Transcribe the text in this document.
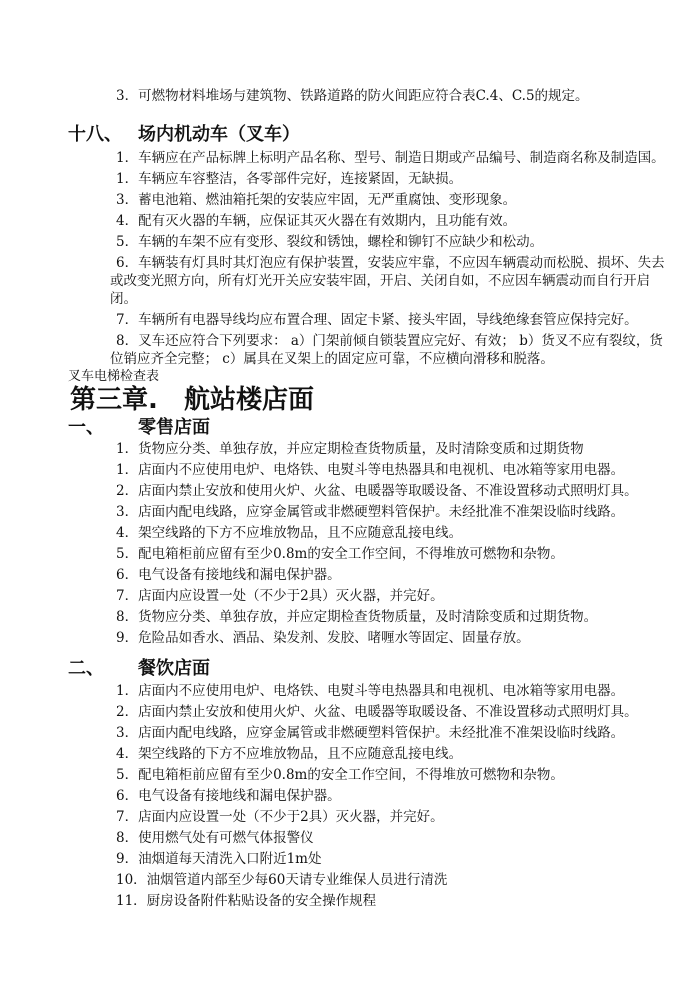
3．可燃物材料堆场与建筑物、铁路道路的防火间距应符合表C.4、C.5的规定。
十八、 场内机动车（叉车）
1．车辆应在产品标牌上标明产品名称、型号、制造日期或产品编号、制造商名称及制造国。
1．车辆应车容整洁，各零部件完好，连接紧固，无缺损。
3．蓄电池箱、燃油箱托架的安装应牢固，无严重腐蚀、变形现象。
4．配有灭火器的车辆，应保证其灭火器在有效期内，且功能有效。
5．车辆的车架不应有变形、裂纹和锈蚀，螺栓和铆钉不应缺少和松动。
6．车辆装有灯具时其灯泡应有保护装置，安装应牢靠，不应因车辆震动而松脱、损坏、失去
或改变光照方向，所有灯光开关应安装牢固，开启、关闭自如，不应因车辆震动而自行开启
闭。
7．车辆所有电器导线均应布置合理、固定卡紧、接头牢固，导线绝缘套管应保持完好。
8．叉车还应符合下列要求： a）门架前倾自锁装置应完好、有效； b）货叉不应有裂纹，货
位销应齐全完整； c）属具在叉架上的固定应可靠，不应横向滑移和脱落。
叉车电梯检查表
第三章. 航站楼店面
一、 零售店面
1．货物应分类、单独存放，并应定期检查货物质量，及时清除变质和过期货物
1．店面内不应使用电炉、电烙铁、电熨斗等电热器具和电视机、电冰箱等家用电器。
2．店面内禁止安放和使用火炉、火盆、电暖器等取暖设备、不准设置移动式照明灯具。
3．店面内配电线路，应穿金属管或非燃硬塑料管保护。未经批准不准架设临时线路。
4．架空线路的下方不应堆放物品，且不应随意乱接电线。
5．配电箱柜前应留有至少0.8m的安全工作空间，不得堆放可燃物和杂物。
6．电气设备有接地线和漏电保护器。
7．店面内应设置一处（不少于2具）灭火器，并完好。
8．货物应分类、单独存放，并应定期检查货物质量，及时清除变质和过期货物。
9．危险品如香水、酒品、染发剂、发胶、啫喱水等固定、固量存放。
二、 餐饮店面
1．店面内不应使用电炉、电烙铁、电熨斗等电热器具和电视机、电冰箱等家用电器。
2．店面内禁止安放和使用火炉、火盆、电暖器等取暖设备、不准设置移动式照明灯具。
3．店面内配电线路，应穿金属管或非燃硬塑料管保护。未经批准不准架设临时线路。
4．架空线路的下方不应堆放物品，且不应随意乱接电线。
5．配电箱柜前应留有至少0.8m的安全工作空间，不得堆放可燃物和杂物。
6．电气设备有接地线和漏电保护器。
7．店面内应设置一处（不少于2具）灭火器，并完好。
8．使用燃气处有可燃气体报警仪
9．油烟道每天清洗入口附近1m处
10．油烟管道内部至少每60天请专业维保人员进行清洗
11．厨房设备附件粘贴设备的安全操作规程
